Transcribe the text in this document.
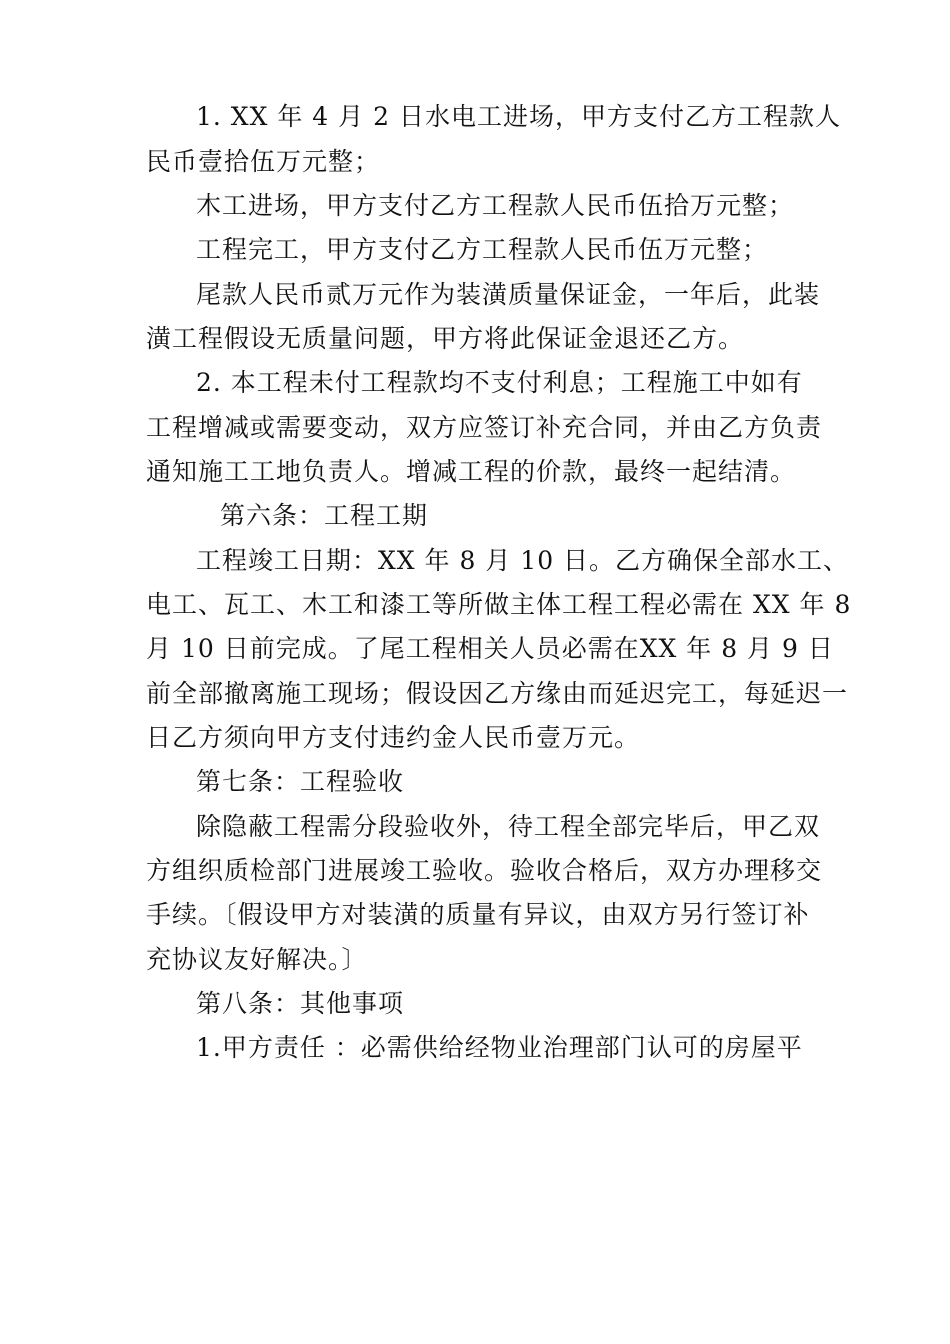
1. XX 年 4 月 2 日水电工进场，甲方支付乙方工程款人
民币壹拾伍万元整；
木工进场，甲方支付乙方工程款人民币伍拾万元整；
工程完工，甲方支付乙方工程款人民币伍万元整；
尾款人民币贰万元作为装潢质量保证金，一年后，此装
潢工程假设无质量问题，甲方将此保证金退还乙方。
2. 本工程未付工程款均不支付利息；工程施工中如有
工程增减或需要变动，双方应签订补充合同，并由乙方负责
通知施工工地负责人。增减工程的价款，最终一起结清。
第六条：工程工期
工程竣工日期：XX 年 8 月 10 日。乙方确保全部水工、
电工、瓦工、木工和漆工等所做主体工程工程必需在 XX 年 8
月 10 日前完成。了尾工程相关人员必需在XX 年 8 月 9 日
前全部撤离施工现场；假设因乙方缘由而延迟完工，每延迟一
日乙方须向甲方支付违约金人民币壹万元。
第七条：工程验收
除隐蔽工程需分段验收外，待工程全部完毕后，甲乙双
方组织质检部门进展竣工验收。验收合格后，双方办理移交
手续。〔假设甲方对装潢的质量有异议，由双方另行签订补
充协议友好解决。〕
第八条：其他事项
1.甲方责任 ：必需供给经物业治理部门认可的房屋平
